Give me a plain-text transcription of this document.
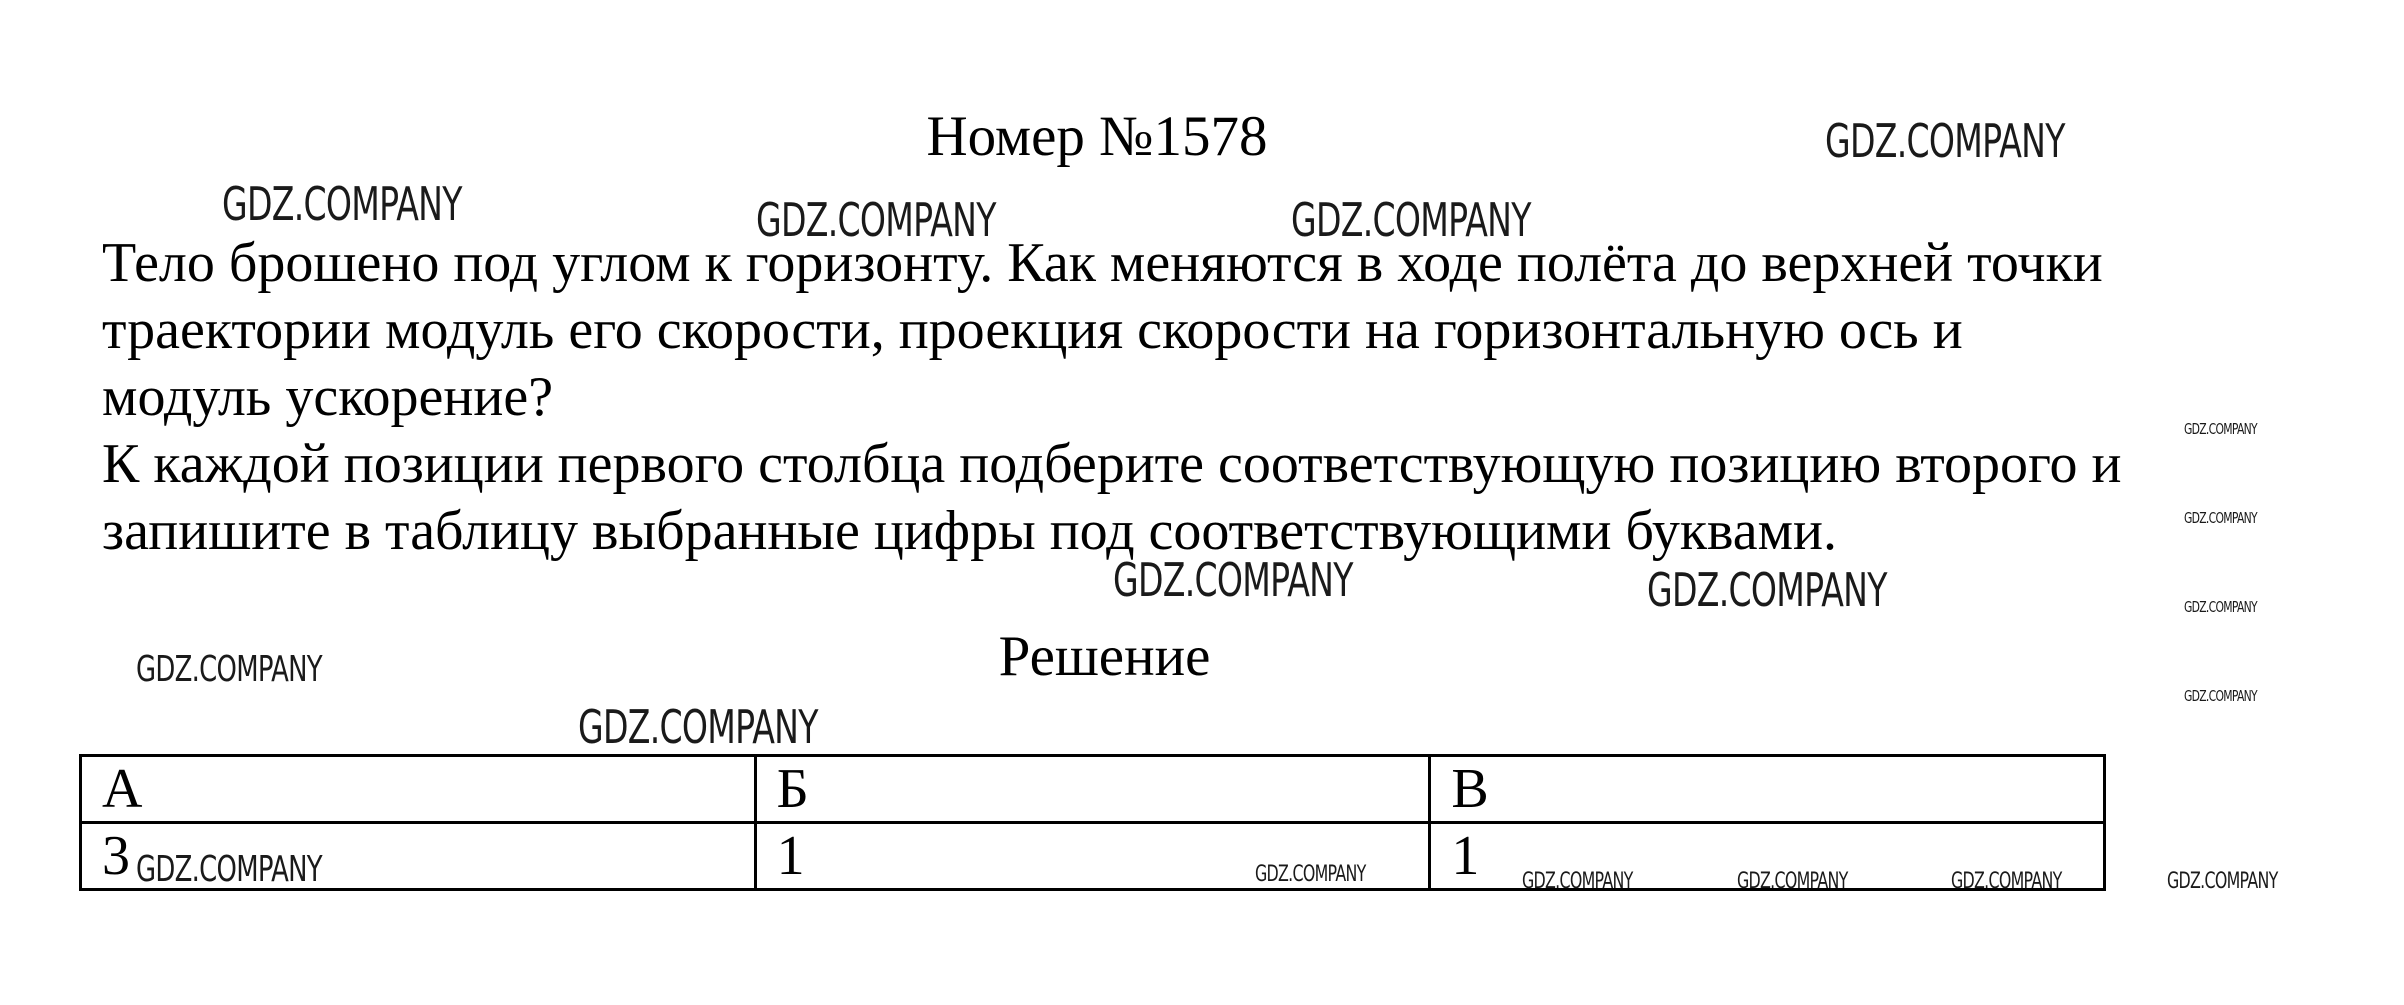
Номер №1578
Тело брошено под углом к горизонту. Как меняются в ходе полёта до верхней точки
траектории модуль его скорости, проекция скорости на горизонтальную ось и
модуль ускорение?
К каждой позиции первого столбца подберите соответствующую позицию второго и
запишите в таблицу выбранные цифры под соответствующими буквами.
Решение
А	Б	В
3	1	1
GDZ.COMPANY
GDZ.COMPANY	GDZ.COMPANY	GDZ.COMPANY
GDZ.COMPANY	GDZ.COMPANY
GDZ.COMPANY
GDZ.COMPANY
GDZ.COMPANY	GDZ.COMPANY	GDZ.COMPANY	GDZ.COMPANY	GDZ.COMPANY	GDZ.COMPANY
GDZ.COMPANY
GDZ.COMPANY
GDZ.COMPANY
GDZ.COMPANY
